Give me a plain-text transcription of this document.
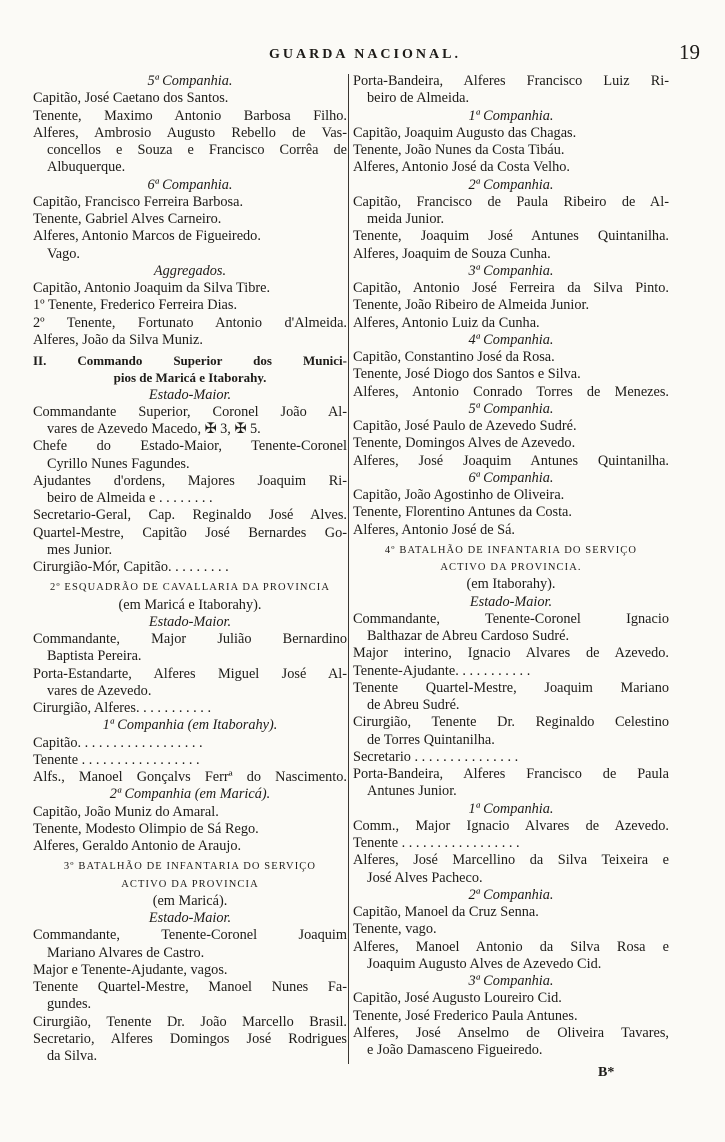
GUARDA NACIONAL.	19
5ª Companhia.
Capitão, José Caetano dos Santos.
Tenente, Maximo Antonio Barbosa Filho.
Alferes, Ambrosio Augusto Rebello de Vas-
concellos e Souza e Francisco Corrêa de
Albuquerque.
6ª Companhia.
Capitão, Francisco Ferreira Barbosa.
Tenente, Gabriel Alves Carneiro.
Alferes, Antonio Marcos de Figueiredo.
Vago.
Aggregados.
Capitão, Antonio Joaquim da Silva Tibre.
1º Tenente, Frederico Ferreira Dias.
2º Tenente, Fortunato Antonio d'Almeida.
Alferes, João da Silva Muniz.
II. Commando Superior dos Munici-
pios de Maricá e Itaborahy.
Estado-Maior.
Commandante Superior, Coronel João Al-
vares de Azevedo Macedo, ✠ 3, ✠ 5.
Chefe do Estado-Maior, Tenente-Coronel
Cyrillo Nunes Fagundes.
Ajudantes d'ordens, Majores Joaquim Ri-
beiro de Almeida e . . . . . . . .
Secretario-Geral, Cap. Reginaldo José Alves.
Quartel-Mestre, Capitão José Bernardes Go-
mes Junior.
Cirurgião-Mór, Capitão. . . . . . . . .
2º ESQUADRÃO DE CAVALLARIA DA PROVINCIA
(em Maricá e Itaborahy).
Estado-Maior.
Commandante, Major Julião Bernardino
Baptista Pereira.
Porta-Estandarte, Alferes Miguel José Al-
vares de Azevedo.
Cirurgião, Alferes. . . . . . . . . . .
1ª Companhia (em Itaborahy).
Capitão. . . . . . . . . . . . . . . . . .
Tenente . . . . . . . . . . . . . . . . .
Alfs., Manoel Gonçalvs Ferrª do Nascimento.
2ª Companhia (em Maricá).
Capitão, João Muniz do Amaral.
Tenente, Modesto Olimpio de Sá Rego.
Alferes, Geraldo Antonio de Araujo.
3º BATALHÃO DE INFANTARIA DO SERVIÇO
ACTIVO DA PROVINCIA
(em Maricá).
Estado-Maior.
Commandante, Tenente-Coronel Joaquim
Mariano Alvares de Castro.
Major e Tenente-Ajudante, vagos.
Tenente Quartel-Mestre, Manoel Nunes Fa-
gundes.
Cirurgião, Tenente Dr. João Marcello Brasil.
Secretario, Alferes Domingos José Rodrigues
da Silva.
Porta-Bandeira, Alferes Francisco Luiz Ri-
beiro de Almeida.
1ª Companhia.
Capitão, Joaquim Augusto das Chagas.
Tenente, João Nunes da Costa Tibáu.
Alferes, Antonio José da Costa Velho.
2ª Companhia.
Capitão, Francisco de Paula Ribeiro de Al-
meida Junior.
Tenente, Joaquim José Antunes Quintanilha.
Alferes, Joaquim de Souza Cunha.
3ª Companhia.
Capitão, Antonio José Ferreira da Silva Pinto.
Tenente, João Ribeiro de Almeida Junior.
Alferes, Antonio Luiz da Cunha.
4ª Companhia.
Capitão, Constantino José da Rosa.
Tenente, José Diogo dos Santos e Silva.
Alferes, Antonio Conrado Torres de Menezes.
5ª Companhia.
Capitão, José Paulo de Azevedo Sudré.
Tenente, Domingos Alves de Azevedo.
Alferes, José Joaquim Antunes Quintanilha.
6ª Companhia.
Capitão, João Agostinho de Oliveira.
Tenente, Florentino Antunes da Costa.
Alferes, Antonio José de Sá.
4º BATALHÃO DE INFANTARIA DO SERVIÇO
ACTIVO DA PROVINCIA.
(em Itaborahy).
Estado-Maior.
Commandante, Tenente-Coronel Ignacio
Balthazar de Abreu Cardoso Sudré.
Major interino, Ignacio Alvares de Azevedo.
Tenente-Ajudante. . . . . . . . . . .
Tenente Quartel-Mestre, Joaquim Mariano
de Abreu Sudré.
Cirurgião, Tenente Dr. Reginaldo Celestino
de Torres Quintanilha.
Secretario . . . . . . . . . . . . . . .
Porta-Bandeira, Alferes Francisco de Paula
Antunes Junior.
1ª Companhia.
Comm., Major Ignacio Alvares de Azevedo.
Tenente . . . . . . . . . . . . . . . . .
Alferes, José Marcellino da Silva Teixeira e
José Alves Pacheco.
2ª Companhia.
Capitão, Manoel da Cruz Senna.
Tenente, vago.
Alferes, Manoel Antonio da Silva Rosa e
Joaquim Augusto Alves de Azevedo Cid.
3ª Companhia.
Capitão, José Augusto Loureiro Cid.
Tenente, José Frederico Paula Antunes.
Alferes, José Anselmo de Oliveira Tavares,
e João Damasceno Figueiredo.
B*
